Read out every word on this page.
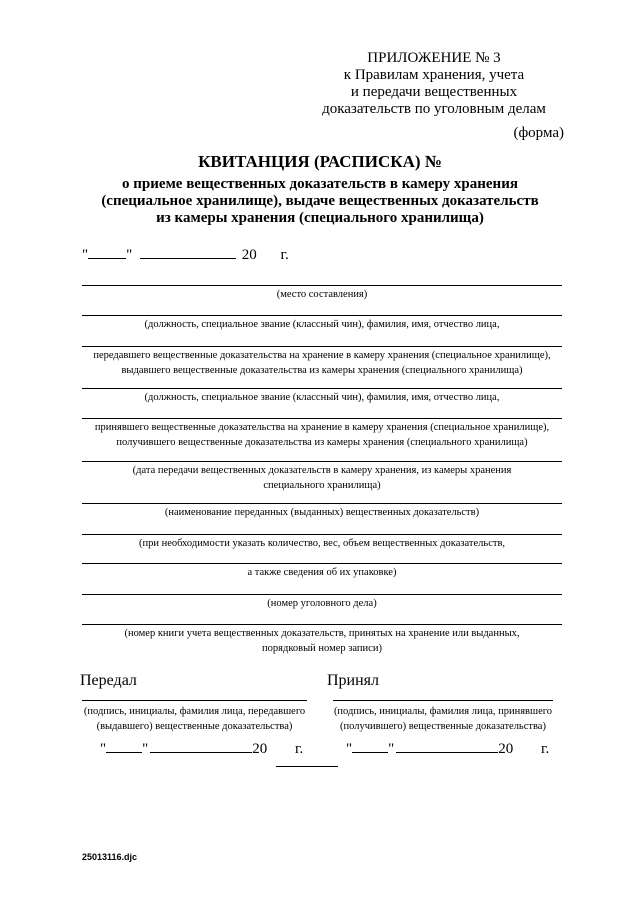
ПРИЛОЖЕНИЕ № 3
к Правилам хранения, учета
и передачи вещественных
доказательств по уголовным делам
(форма)
КВИТАНЦИЯ (РАСПИСКА) №
о приеме вещественных доказательств в камеру хранения
(специальное хранилище), выдаче вещественных доказательств
из камеры хранения (специального хранилища)
"	"	20 г.
(место составления)
(должность, специальное звание (классный чин), фамилия, имя, отчество лица,
передавшего вещественные доказательства на хранение в камеру хранения (специальное хранилище),
выдавшего вещественные доказательства из камеры хранения (специального хранилища)
(должность, специальное звание (классный чин), фамилия, имя, отчество лица,
принявшего вещественные доказательства на хранение в камеру хранения (специальное хранилище),
получившего вещественные доказательства из камеры хранения (специального хранилища)
(дата передачи вещественных доказательств в камеру хранения, из камеры хранения
специального хранилища)
(наименование переданных (выданных) вещественных доказательств)
(при необходимости указать количество, вес, объем вещественных доказательств,
а также сведения об их упаковке)
(номер уголовного дела)
(номер книги учета вещественных доказательств, принятых на хранение или выданных,
порядковый номер записи)
Передал
(подпись, инициалы, фамилия лица, передавшего
(выдавшего) вещественные доказательства)
Принял
(подпись, инициалы, фамилия лица, принявшего
(получившего) вещественные доказательства)
" "	20 г.	" "	20 г.
25013116.djc
